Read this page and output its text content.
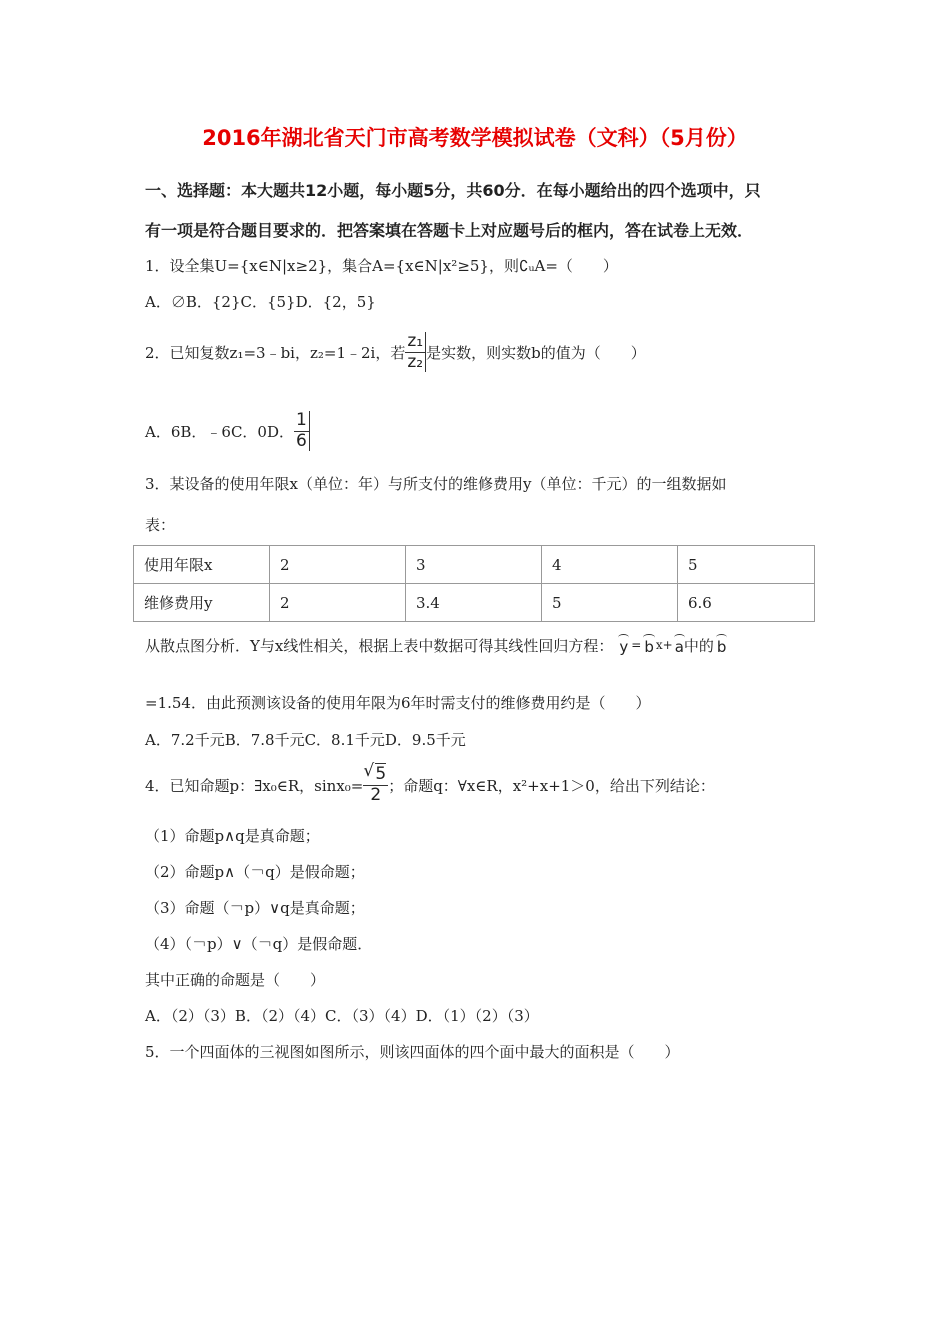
2016年湖北省天门市高考数学模拟试卷（文科）（5月份）
一、选择题：本大题共12小题，每小题5分，共60分．在每小题给出的四个选项中，只
有一项是符合题目要求的．把答案填在答题卡上对应题号后的框内，答在试卷上无效．
1．设全集U={x∈N|x≥2}，集合A={x∈N|x²≥5}，则∁ᵤA=（　　）
A．∅B．{2}C．{5}D．{2，5}
2．已知复数z₁=3﹣bi，z₂=1﹣2i，若 $\frac{\text{z₁}}{\text{z₂}}$ 是实数，则实数b的值为（　　）
A．6B．﹣6C．0D． $\frac{1}{6}$
3．某设备的使用年限x（单位：年）与所支付的维修费用y（单位：千元）的一组数据如
表：
使用年限x	2	3	4	5
维修费用y	2	3.4	5	6.6
从散点图分析．Y与x线性相关，根据上表中数据可得其线性回归方程： y = b x+ a 中的 b
=1.54．由此预测该设备的使用年限为6年时需支付的维修费用约是（　　）
A．7.2千元B．7.8千元C．8.1千元D．9.5千元
4．已知命题p：∃x₀∈R，sinx₀= √ $\frac{5}{2}$ ；命题q：∀x∈R，x²+x+1＞0，给出下列结论：
（1）命题p∧q是真命题；
（2）命题p∧（￢q）是假命题；
（3）命题（￢p）∨q是真命题；
（4）（￢p）∨（￢q）是假命题．
其中正确的命题是（　　）
A．（2）（3）B．（2）（4）C．（3）（4）D．（1）（2）（3）
5．一个四面体的三视图如图所示，则该四面体的四个面中最大的面积是（　　）
